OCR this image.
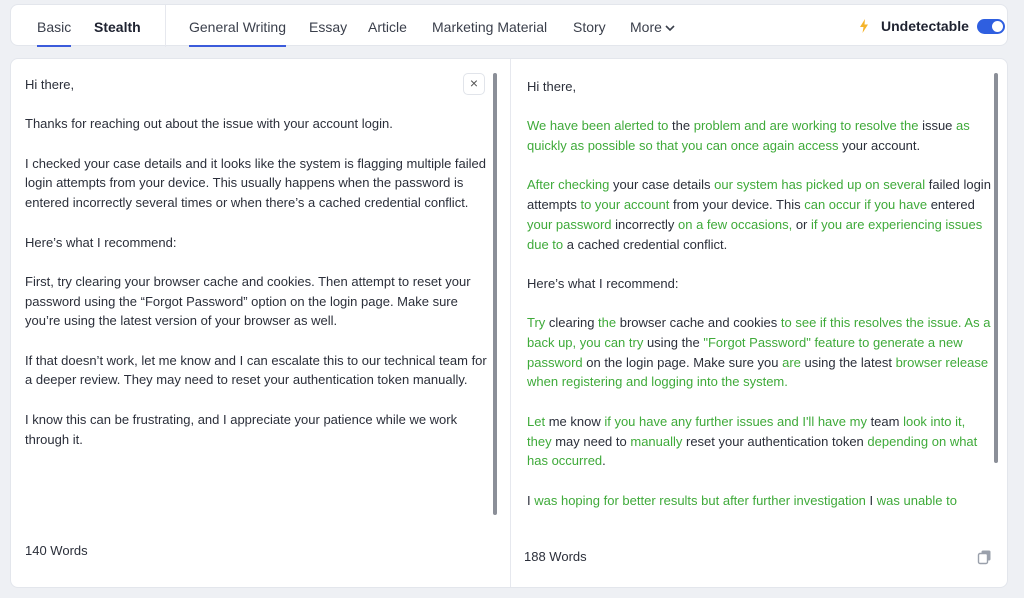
Basic Stealth	General Writing Essay Article Marketing Material Story More	Undetectable
Hi there,
Thanks for reaching out about the issue with your account login.
I checked your case details and it looks like the system is flagging multiple failed login attempts from your device. This usually happens when the password is entered incorrectly several times or when there’s a cached credential conflict.
Here’s what I recommend:
First, try clearing your browser cache and cookies. Then attempt to reset your password using the “Forgot Password” option on the login page. Make sure you’re using the latest version of your browser as well.
If that doesn’t work, let me know and I can escalate this to our technical team for a deeper review. They may need to reset your authentication token manually.
I know this can be frustrating, and I appreciate your patience while we work through it.
×
140 Words
Hi there,
We have been alerted to the problem and are working to resolve the issue as quickly as possible so that you can once again access your account.
After checking your case details our system has picked up on several failed login attempts to your account from your device. This can occur if you have entered your password incorrectly on a few occasions, or if you are experiencing issues due to a cached credential conflict.
Here’s what I recommend:
Try clearing the browser cache and cookies to see if this resolves the issue. As a back up, you can try using the "Forgot Password" feature to generate a new password on the login page. Make sure you are using the latest browser release when registering and logging into the system.
Let me know if you have any further issues and I'll have my team look into it, they may need to manually reset your authentication token depending on what has occurred.
I was hoping for better results but after further investigation I was unable to
188 Words
